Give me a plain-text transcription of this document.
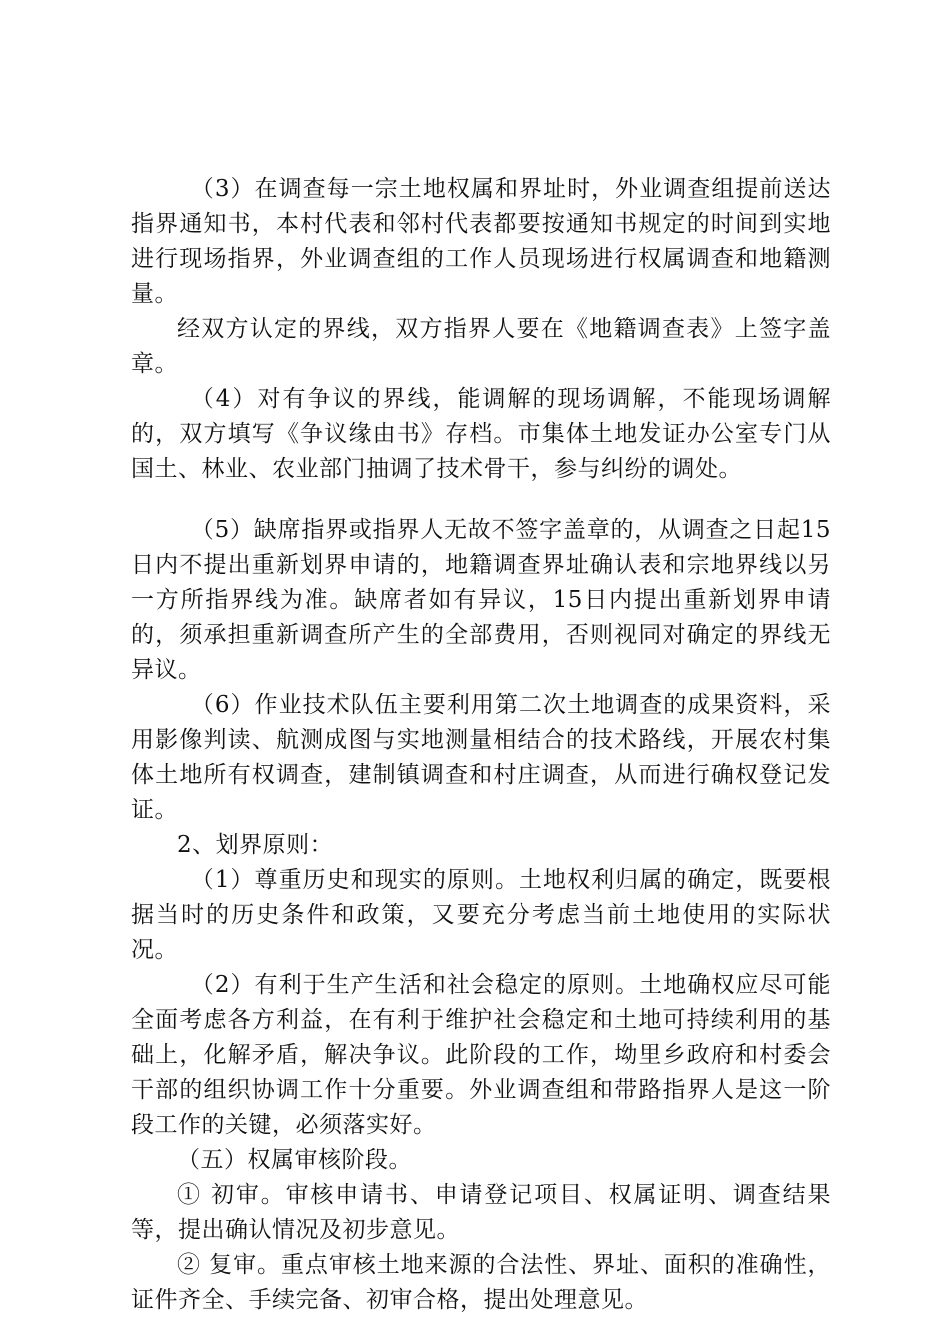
（3）在调查每一宗土地权属和界址时，外业调查组提前送达指界通知书，本村代表和邻村代表都要按通知书规定的时间到实地进行现场指界，外业调查组的工作人员现场进行权属调查和地籍测量。

经双方认定的界线，双方指界人要在《地籍调查表》上签字盖章。

（4）对有争议的界线，能调解的现场调解，不能现场调解的，双方填写《争议缘由书》存档。市集体土地发证办公室专门从国土、林业、农业部门抽调了技术骨干，参与纠纷的调处。

（5）缺席指界或指界人无故不签字盖章的，从调查之日起15日内不提出重新划界申请的，地籍调查界址确认表和宗地界线以另一方所指界线为准。缺席者如有异议，15日内提出重新划界申请的，须承担重新调查所产生的全部费用，否则视同对确定的界线无异议。

（6）作业技术队伍主要利用第二次土地调查的成果资料，采用影像判读、航测成图与实地测量相结合的技术路线，开展农村集体土地所有权调查，建制镇调查和村庄调查，从而进行确权登记发证。

2、划界原则：

（1）尊重历史和现实的原则。土地权利归属的确定，既要根据当时的历史条件和政策，又要充分考虑当前土地使用的实际状况。

（2）有利于生产生活和社会稳定的原则。土地确权应尽可能全面考虑各方利益，在有利于维护社会稳定和土地可持续利用的基础上，化解矛盾，解决争议。此阶段的工作，坳里乡政府和村委会干部的组织协调工作十分重要。外业调查组和带路指界人是这一阶段工作的关键，必须落实好。

（五）权属审核阶段。

① 初审。审核申请书、申请登记项目、权属证明、调查结果等，提出确认情况及初步意见。

② 复审。重点审核土地来源的合法性、界址、面积的准确性，证件齐全、手续完备、初审合格，提出处理意见。
